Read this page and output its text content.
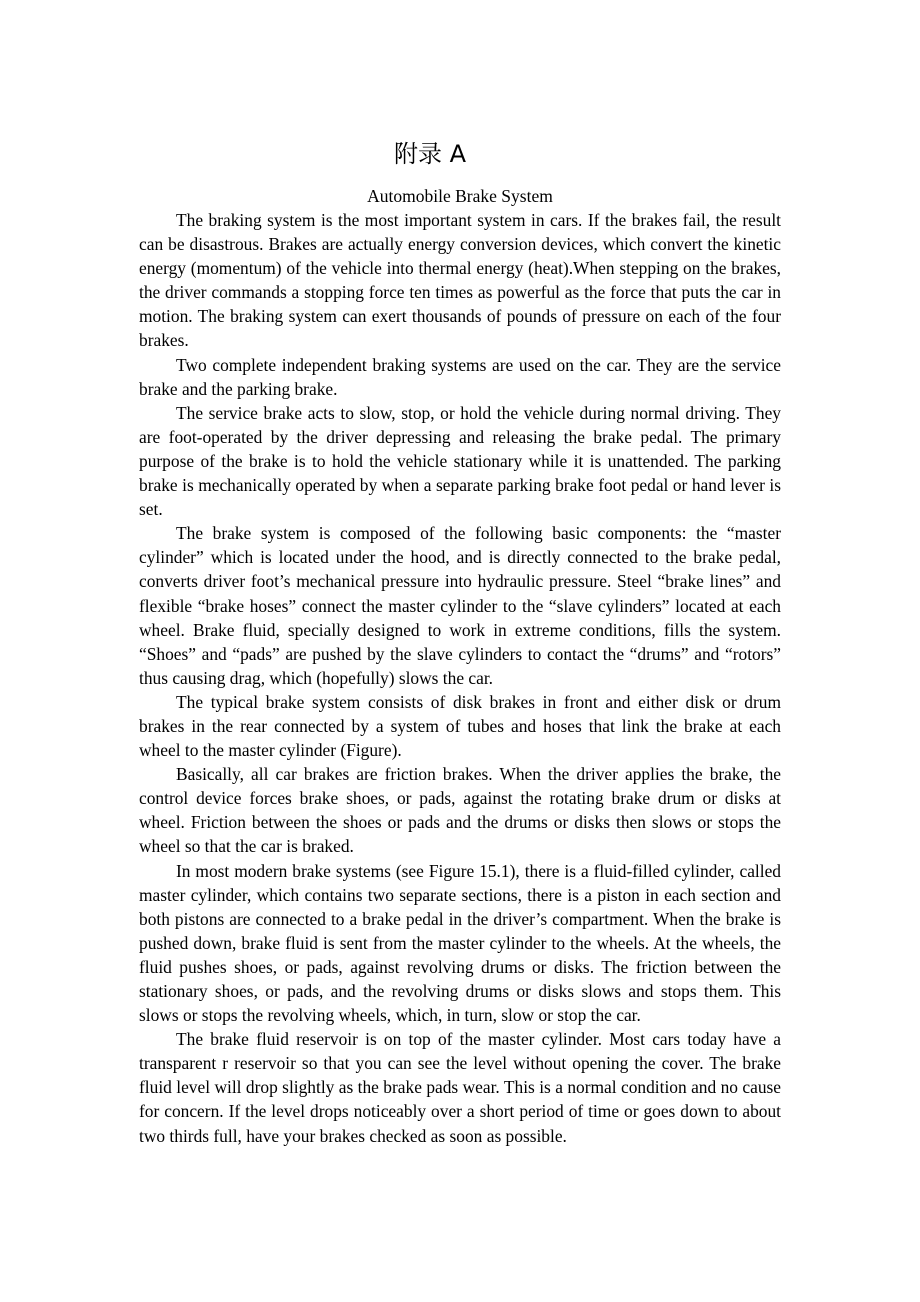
附录 A
Automobile Brake System

The braking system is the most important system in cars. If the brakes fail, the result can be disastrous. Brakes are actually energy conversion devices, which convert the kinetic energy (momentum) of the vehicle into thermal energy (heat).When stepping on the brakes, the driver commands a stopping force ten times as powerful as the force that puts the car in motion. The braking system can exert thousands of pounds of pressure on each of the four brakes.

Two complete independent braking systems are used on the car. They are the service brake and the parking brake.

The service brake acts to slow, stop, or hold the vehicle during normal driving. They are foot-operated by the driver depressing and releasing the brake pedal. The primary purpose of the brake is to hold the vehicle stationary while it is unattended. The parking brake is mechanically operated by when a separate parking brake foot pedal or hand lever is set.

The brake system is composed of the following basic components: the “master cylinder” which is located under the hood, and is directly connected to the brake pedal, converts driver foot’s mechanical pressure into hydraulic pressure. Steel “brake lines” and flexible “brake hoses” connect the master cylinder to the “slave cylinders” located at each wheel. Brake fluid, specially designed to work in extreme conditions, fills the system. “Shoes” and “pads” are pushed by the slave cylinders to contact the “drums” and “rotors” thus causing drag, which (hopefully) slows the car.

The typical brake system consists of disk brakes in front and either disk or drum brakes in the rear connected by a system of tubes and hoses that link the brake at each wheel to the master cylinder (Figure).

Basically, all car brakes are friction brakes. When the driver applies the brake, the control device forces brake shoes, or pads, against the rotating brake drum or disks at wheel. Friction between the shoes or pads and the drums or disks then slows or stops the wheel so that the car is braked.

In most modern brake systems (see Figure 15.1), there is a fluid-filled cylinder, called master cylinder, which contains two separate sections, there is a piston in each section and both pistons are connected to a brake pedal in the driver’s compartment. When the brake is pushed down, brake fluid is sent from the master cylinder to the wheels. At the wheels, the fluid pushes shoes, or pads, against revolving drums or disks. The friction between the stationary shoes, or pads, and the revolving drums or disks slows and stops them. This slows or stops the revolving wheels, which, in turn, slow or stop the car.

The brake fluid reservoir is on top of the master cylinder. Most cars today have a transparent r reservoir so that you can see the level without opening the cover. The brake fluid level will drop slightly as the brake pads wear. This is a normal condition and no cause for concern. If the level drops noticeably over a short period of time or goes down to about two thirds full, have your brakes checked as soon as possible.
